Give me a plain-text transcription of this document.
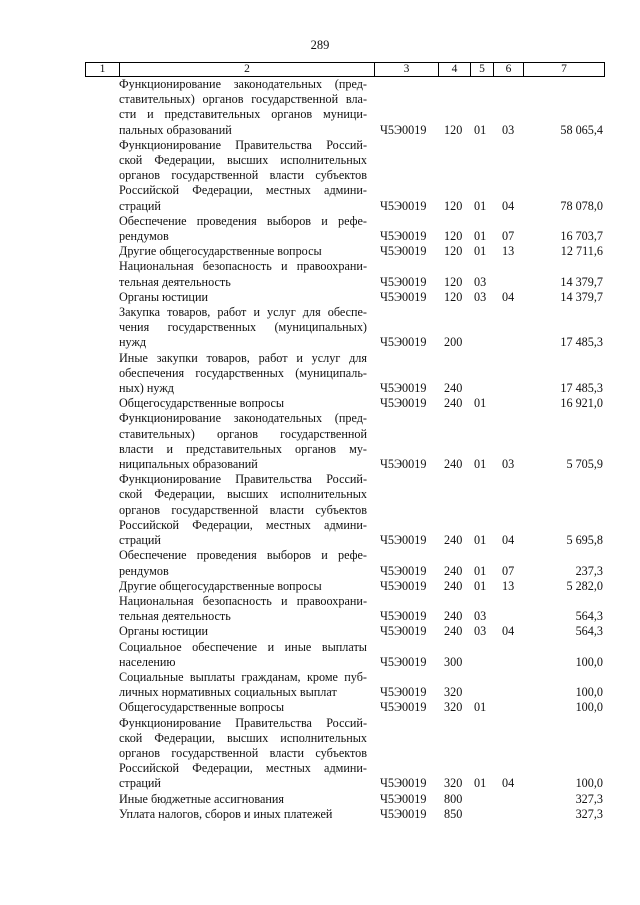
289
1	2	3	4	5	6	7
Функционирование законодательных (пред-
ставительных) органов государственной вла-
сти и представительных органов муници-
пальных образований	Ч5Э0019 120 01 03	58 065,4
Функционирование Правительства Россий-
ской Федерации, высших исполнительных
органов государственной власти субъектов
Российской Федерации, местных админи-
страций	Ч5Э0019 120 01 04	78 078,0
Обеспечение проведения выборов и рефе-
рендумов	Ч5Э0019 120 01 07	16 703,7
Другие общегосударственные вопросы	Ч5Э0019 120 01 13	12 711,6
Национальная безопасность и правоохрани-
тельная деятельность	Ч5Э0019 120 03	14 379,7
Органы юстиции	Ч5Э0019 120 03 04	14 379,7
Закупка товаров, работ и услуг для обеспе-
чения государственных (муниципальных)
нужд	Ч5Э0019 200	17 485,3
Иные закупки товаров, работ и услуг для
обеспечения государственных (муниципаль-
ных) нужд	Ч5Э0019 240	17 485,3
Общегосударственные вопросы	Ч5Э0019 240 01	16 921,0
Функционирование законодательных (пред-
ставительных) органов государственной
власти и представительных органов му-
ниципальных образований	Ч5Э0019 240 01 03	5 705,9
Функционирование Правительства Россий-
ской Федерации, высших исполнительных
органов государственной власти субъектов
Российской Федерации, местных админи-
страций	Ч5Э0019 240 01 04	5 695,8
Обеспечение проведения выборов и рефе-
рендумов	Ч5Э0019 240 01 07	237,3
Другие общегосударственные вопросы	Ч5Э0019 240 01 13	5 282,0
Национальная безопасность и правоохрани-
тельная деятельность	Ч5Э0019 240 03	564,3
Органы юстиции	Ч5Э0019 240 03 04	564,3
Социальное обеспечение и иные выплаты
населению	Ч5Э0019 300	100,0
Социальные выплаты гражданам, кроме пуб-
личных нормативных социальных выплат	Ч5Э0019 320	100,0
Общегосударственные вопросы	Ч5Э0019 320 01	100,0
Функционирование Правительства Россий-
ской Федерации, высших исполнительных
органов государственной власти субъектов
Российской Федерации, местных админи-
страций	Ч5Э0019 320 01 04	100,0
Иные бюджетные ассигнования	Ч5Э0019 800	327,3
Уплата налогов, сборов и иных платежей	Ч5Э0019 850	327,3
